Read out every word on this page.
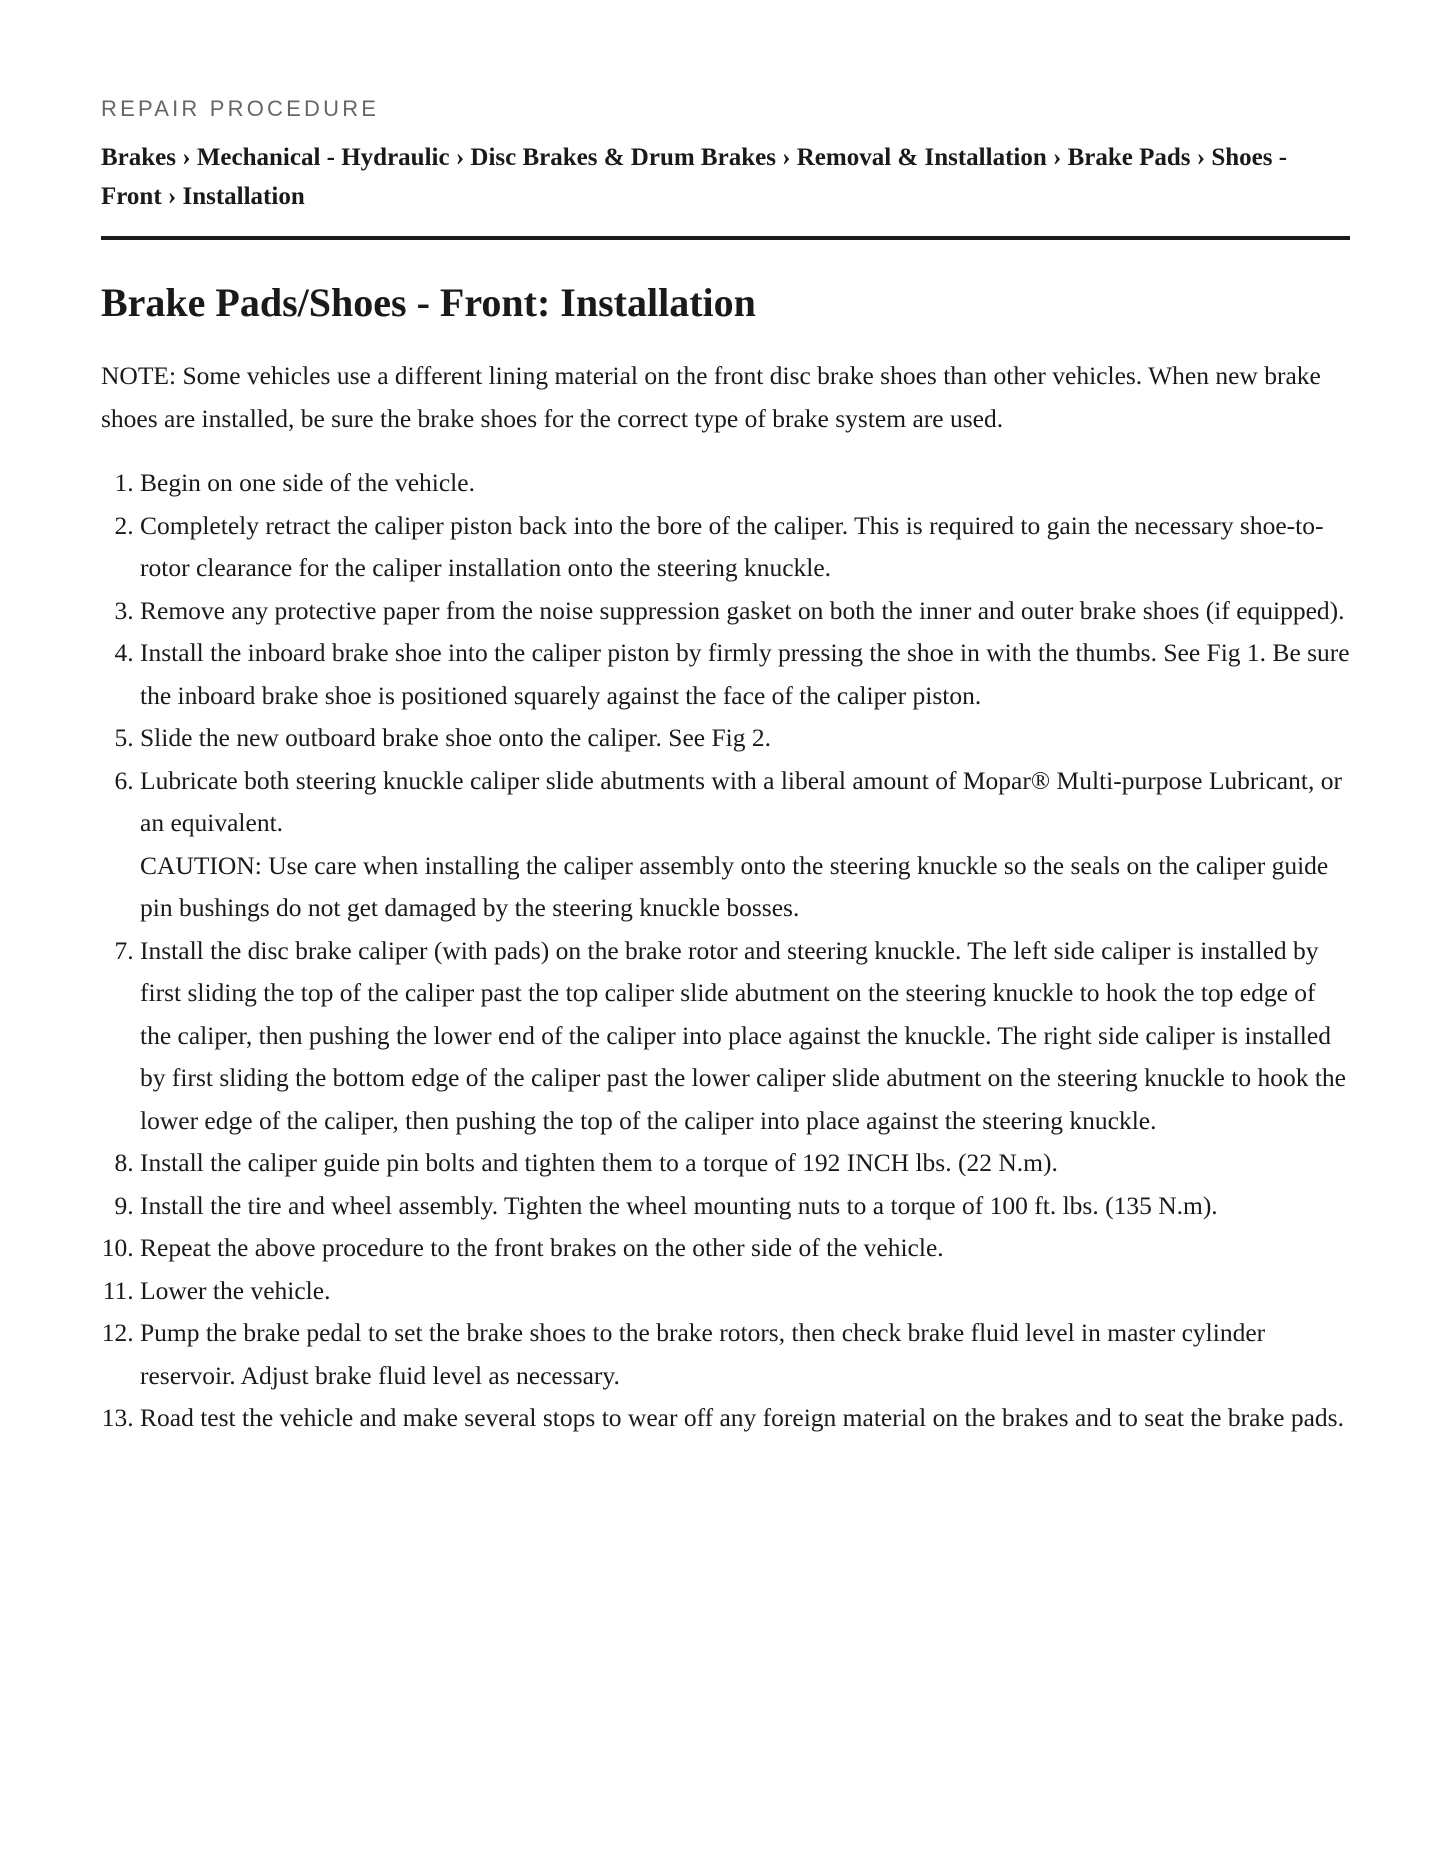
REPAIR PROCEDURE
Brakes › Mechanical - Hydraulic › Disc Brakes & Drum Brakes › Removal & Installation › Brake Pads › Shoes - Front › Installation
Brake Pads/Shoes - Front: Installation

NOTE: Some vehicles use a different lining material on the front disc brake shoes than other vehicles. When new brake shoes are installed, be sure the brake shoes for the correct type of brake system are used.

1. Begin on one side of the vehicle.
2. Completely retract the caliper piston back into the bore of the caliper. This is required to gain the necessary shoe-to-rotor clearance for the caliper installation onto the steering knuckle.
3. Remove any protective paper from the noise suppression gasket on both the inner and outer brake shoes (if equipped).
4. Install the inboard brake shoe into the caliper piston by firmly pressing the shoe in with the thumbs. See Fig 1. Be sure the inboard brake shoe is positioned squarely against the face of the caliper piston.
5. Slide the new outboard brake shoe onto the caliper. See Fig 2.
6. Lubricate both steering knuckle caliper slide abutments with a liberal amount of Mopar® Multi-purpose Lubricant, or an equivalent.
CAUTION: Use care when installing the caliper assembly onto the steering knuckle so the seals on the caliper guide pin bushings do not get damaged by the steering knuckle bosses.
7. Install the disc brake caliper (with pads) on the brake rotor and steering knuckle. The left side caliper is installed by first sliding the top of the caliper past the top caliper slide abutment on the steering knuckle to hook the top edge of the caliper, then pushing the lower end of the caliper into place against the knuckle. The right side caliper is installed by first sliding the bottom edge of the caliper past the lower caliper slide abutment on the steering knuckle to hook the lower edge of the caliper, then pushing the top of the caliper into place against the steering knuckle.
8. Install the caliper guide pin bolts and tighten them to a torque of 192 INCH lbs. (22 N.m).
9. Install the tire and wheel assembly. Tighten the wheel mounting nuts to a torque of 100 ft. lbs. (135 N.m).
10. Repeat the above procedure to the front brakes on the other side of the vehicle.
11. Lower the vehicle.
12. Pump the brake pedal to set the brake shoes to the brake rotors, then check brake fluid level in master cylinder reservoir. Adjust brake fluid level as necessary.
13. Road test the vehicle and make several stops to wear off any foreign material on the brakes and to seat the brake pads.
